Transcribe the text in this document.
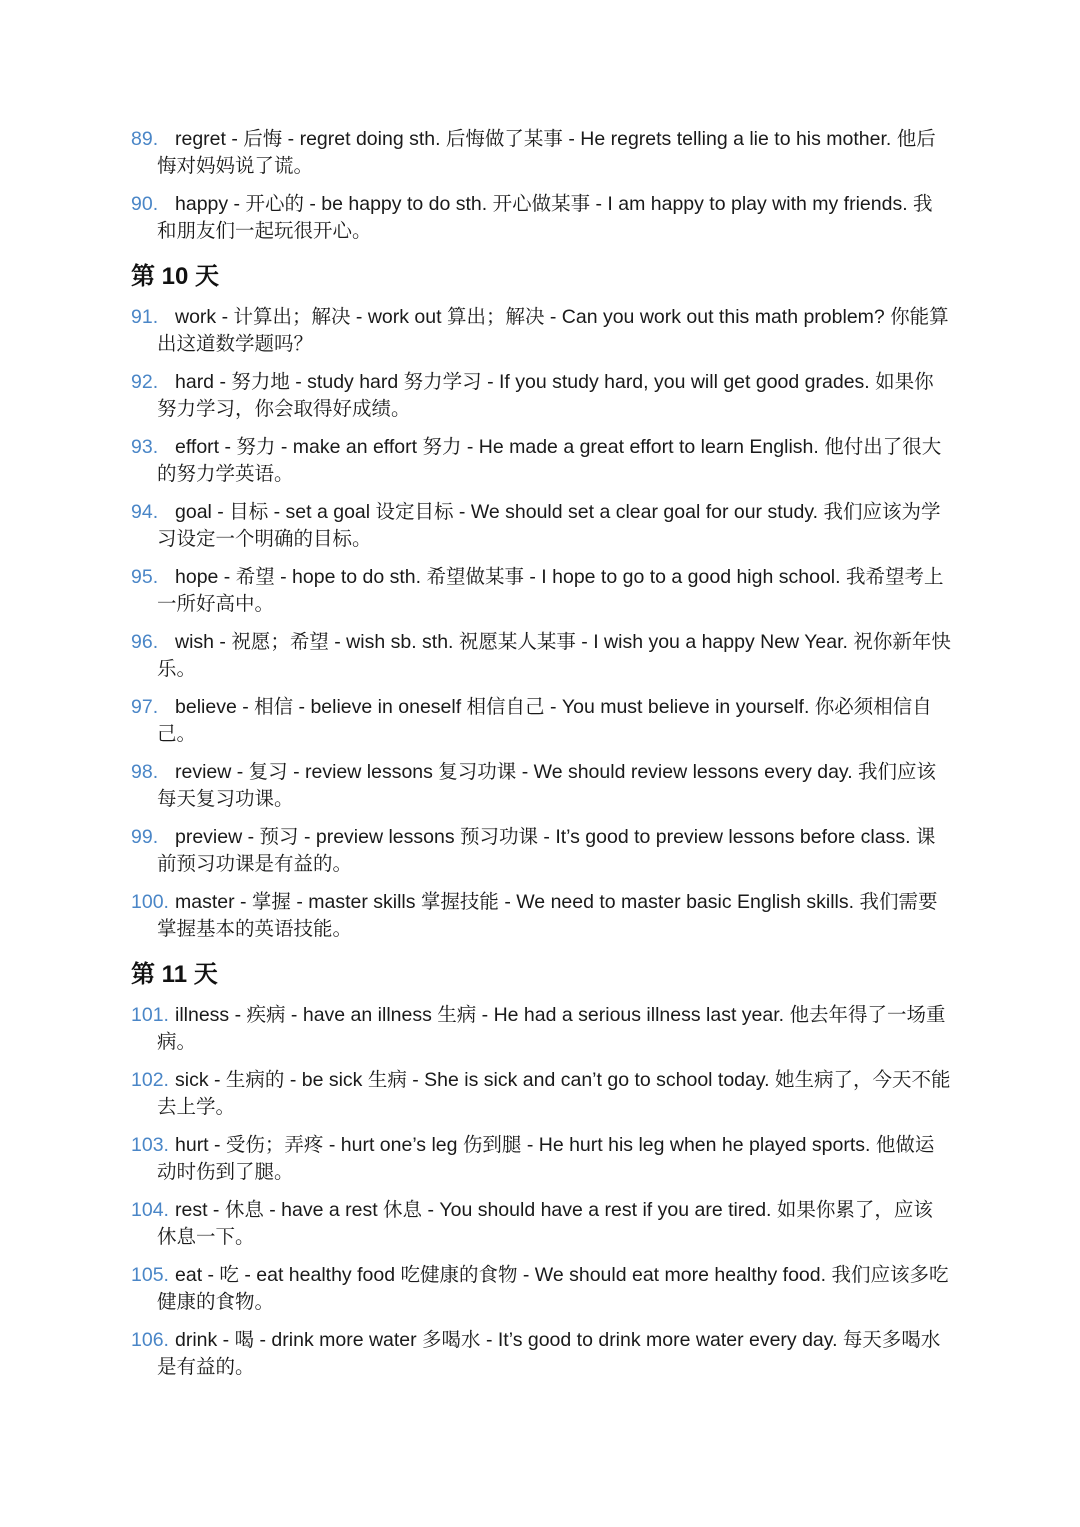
89. regret - 后悔 - regret doing sth. 后悔做了某事 - He regrets telling a lie to his mother. 他后悔对妈妈说了谎。

90. happy - 开心的 - be happy to do sth. 开心做某事 - I am happy to play with my friends. 我和朋友们一起玩很开心。

第 10 天

91. work - 计算出；解决 - work out 算出；解决 - Can you work out this math problem? 你能算出这道数学题吗？

92. hard - 努力地 - study hard 努力学习 - If you study hard, you will get good grades. 如果你努力学习，你会取得好成绩。

93. effort - 努力 - make an effort 努力 - He made a great effort to learn English. 他付出了很大的努力学英语。

94. goal - 目标 - set a goal 设定目标 - We should set a clear goal for our study. 我们应该为学习设定一个明确的目标。

95. hope - 希望 - hope to do sth. 希望做某事 - I hope to go to a good high school. 我希望考上一所好高中。

96. wish - 祝愿；希望 - wish sb. sth. 祝愿某人某事 - I wish you a happy New Year. 祝你新年快乐。

97. believe - 相信 - believe in oneself 相信自己 - You must believe in yourself. 你必须相信自己。

98. review - 复习 - review lessons 复习功课 - We should review lessons every day. 我们应该每天复习功课。

99. preview - 预习 - preview lessons 预习功课 - It’s good to preview lessons before class. 课前预习功课是有益的。

100. master - 掌握 - master skills 掌握技能 - We need to master basic English skills. 我们需要掌握基本的英语技能。

第 11 天

101. illness - 疾病 - have an illness 生病 - He had a serious illness last year. 他去年得了一场重病。

102. sick - 生病的 - be sick 生病 - She is sick and can’t go to school today. 她生病了，今天不能去上学。

103. hurt - 受伤；弄疼 - hurt one’s leg 伤到腿 - He hurt his leg when he played sports. 他做运动时伤到了腿。

104. rest - 休息 - have a rest 休息 - You should have a rest if you are tired. 如果你累了，应该休息一下。

105. eat - 吃 - eat healthy food 吃健康的食物 - We should eat more healthy food. 我们应该多吃健康的食物。

106. drink - 喝 - drink more water 多喝水 - It’s good to drink more water every day. 每天多喝水是有益的。
